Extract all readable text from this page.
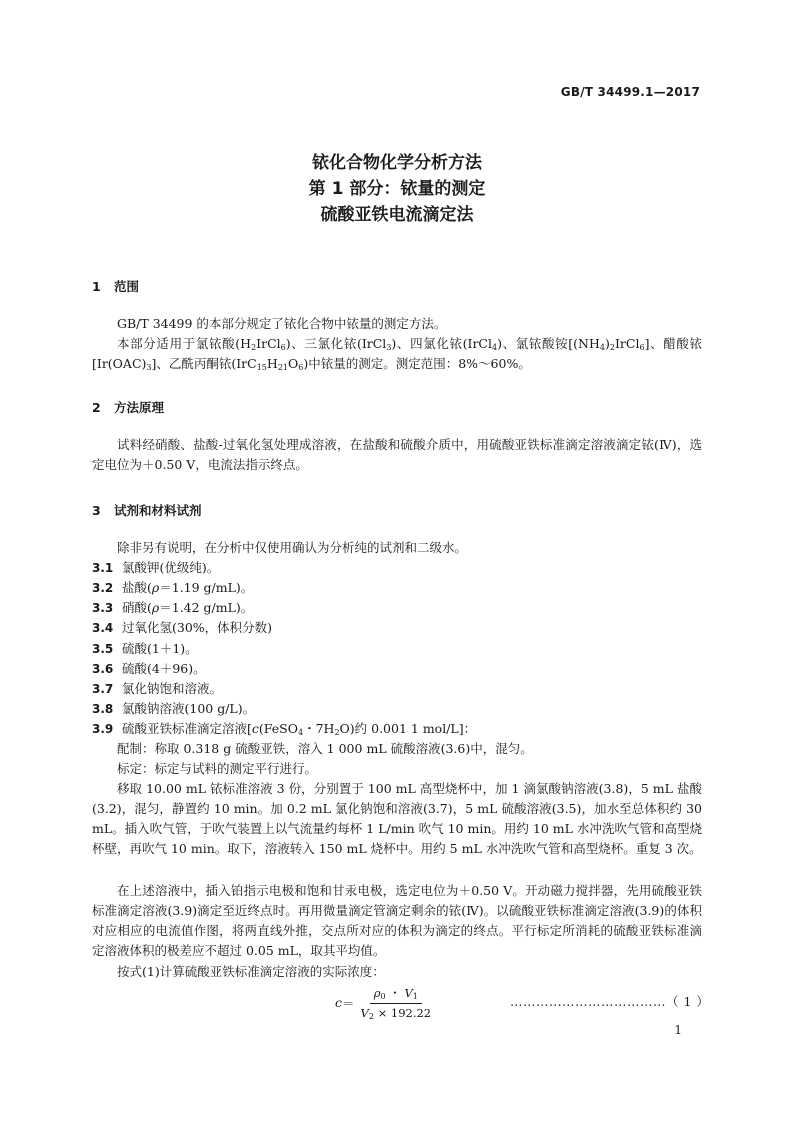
GB/T 34499.1—2017
铱化合物化学分析方法
第 1 部分：铱量的测定
硫酸亚铁电流滴定法
1 范围
GB/T 34499 的本部分规定了铱化合物中铱量的测定方法。
本部分适用于氯铱酸$(H_2IrCl_6)$、三氯化铱(IrCl$_3$)、四氯化铱(IrCl$_4$)、氯铱酸铵$[(NH_4)_2IrCl_6]$、醋酸铱$[Ir(OAC)_3]$、乙酰丙酮铱$(IrC_{15}H_{21}O_6)$中铱量的测定。测定范围：8%～60%。
2 方法原理
试料经硝酸、盐酸-过氧化氢处理成溶液，在盐酸和硫酸介质中，用硫酸亚铁标准滴定溶液滴定铱(Ⅳ)，选定电位为＋0.50 V，电流法指示终点。
3 试剂和材料试剂
除非另有说明，在分析中仅使用确认为分析纯的试剂和二级水。
3.1 氯酸钾(优级纯)。
3.2 盐酸(ρ＝1.19 g/mL)。
3.3 硝酸(ρ＝1.42 g/mL)。
3.4 过氧化氢(30%，体积分数)
3.5 硫酸(1＋1)。
3.6 硫酸(4＋96)。
3.7 氯化钠饱和溶液。
3.8 氯酸钠溶液(100 g/L)。
3.9 硫酸亚铁标准滴定溶液[c(FeSO$_4$・$7H_2O$)约 0.001 1 mol/L]：
配制：称取 0.318 g 硫酸亚铁，溶入 1 000 mL 硫酸溶液(3.6)中，混匀。
标定：标定与试料的测定平行进行。
移取 10.00 mL 铱标准溶液 3 份，分别置于 100 mL 高型烧杯中，加 1 滴氯酸钠溶液(3.8)，5 mL 盐酸(3.2)，混匀，静置约 10 min。加 0.2 mL 氯化钠饱和溶液(3.7)，5 mL 硫酸溶液(3.5)，加水至总体积约 30 mL。插入吹气管，于吹气装置上以气流量约每杯 1 L/min 吹气 10 min。用约 10 mL 水冲洗吹气管和高型烧杯壁，再吹气 10 min。取下，溶液转入 150 mL 烧杯中。用约 5 mL 水冲洗吹气管和高型烧杯。重复 3 次。
在上述溶液中，插入铂指示电极和饱和甘汞电极，选定电位为＋0.50 V。开动磁力搅拌器，先用硫酸亚铁标准滴定溶液(3.9)滴定至近终点时。再用微量滴定管滴定剩余的铱(Ⅳ)。以硫酸亚铁标准滴定溶液(3.9)的体积对应相应的电流值作图，将两直线外推，交点所对应的体积为滴定的终点。平行标定所消耗的硫酸亚铁标准滴定溶液体积的极差应不超过 0.05 mL，取其平均值。
按式(1)计算硫酸亚铁标准滴定溶液的实际浓度：
$c = \frac{\rho_0 ・ V_1}{V_2 \times 192.22}$	………………………………（ 1 ）
1
